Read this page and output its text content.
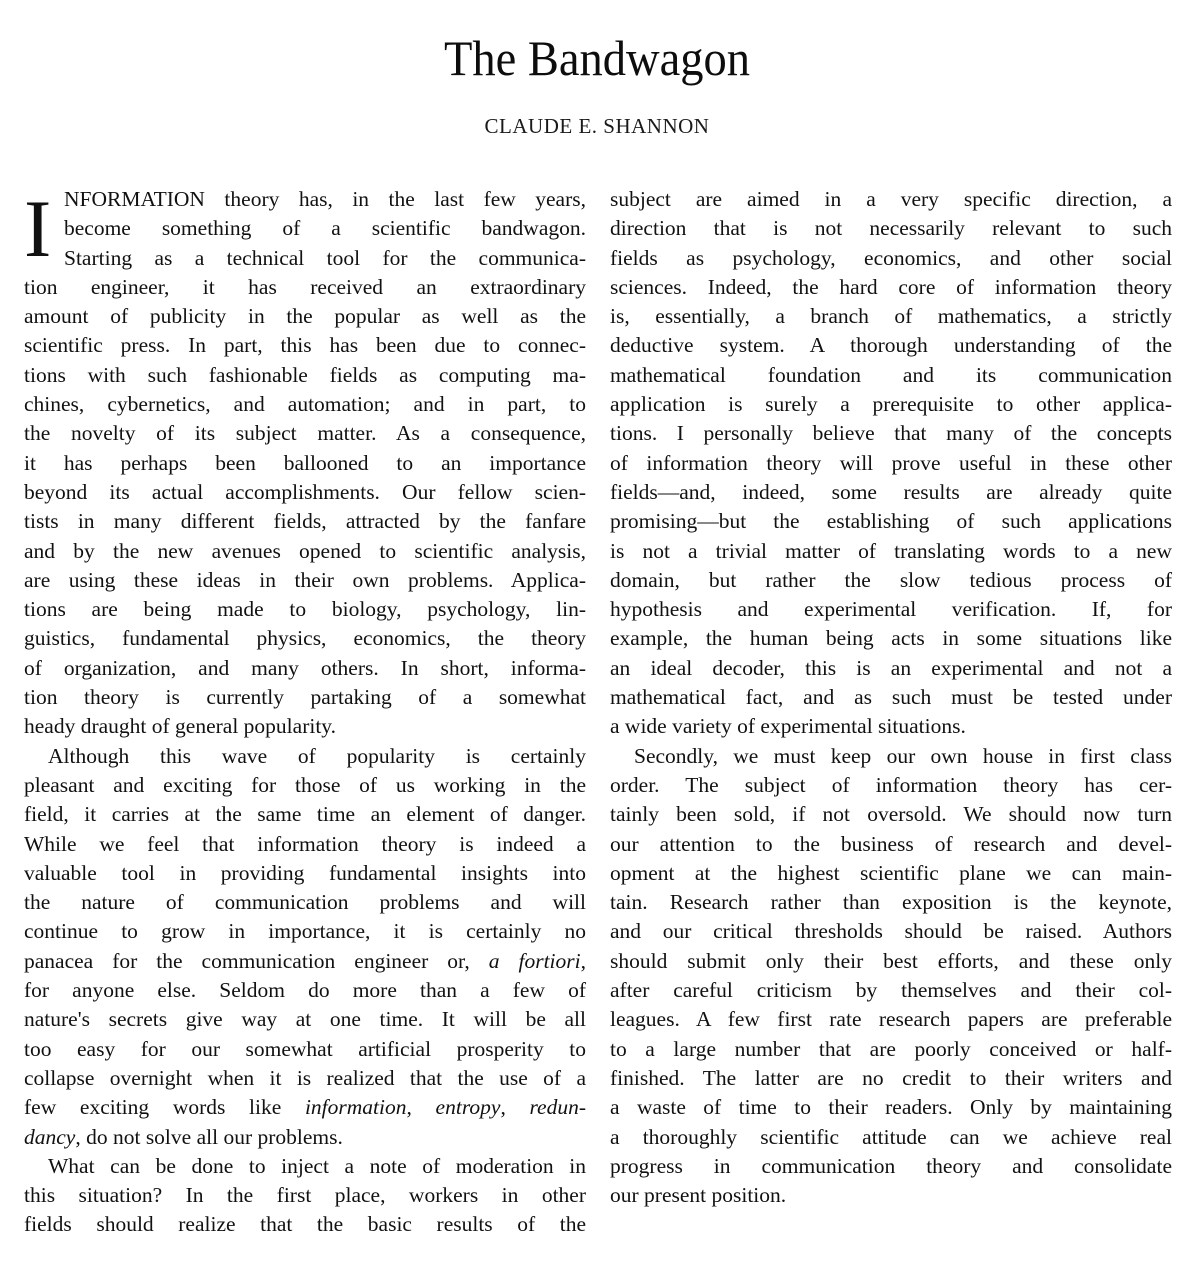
The Bandwagon
CLAUDE E. SHANNON
I NFORMATION theory has, in the last few years,
become something of a scientific bandwagon.
Starting as a technical tool for the communica-
tion engineer, it has received an extraordinary
amount of publicity in the popular as well as the
scientific press. In part, this has been due to connec-
tions with such fashionable fields as computing ma-
chines, cybernetics, and automation; and in part, to
the novelty of its subject matter. As a consequence,
it has perhaps been ballooned to an importance
beyond its actual accomplishments. Our fellow scien-
tists in many different fields, attracted by the fanfare
and by the new avenues opened to scientific analysis,
are using these ideas in their own problems. Applica-
tions are being made to biology, psychology, lin-
guistics, fundamental physics, economics, the theory
of organization, and many others. In short, informa-
tion theory is currently partaking of a somewhat
heady draught of general popularity.
Although this wave of popularity is certainly
pleasant and exciting for those of us working in the
field, it carries at the same time an element of danger.
While we feel that information theory is indeed a
valuable tool in providing fundamental insights into
the nature of communication problems and will
continue to grow in importance, it is certainly no
panacea for the communication engineer or, a fortiori,
for anyone else. Seldom do more than a few of
nature's secrets give way at one time. It will be all
too easy for our somewhat artificial prosperity to
collapse overnight when it is realized that the use of a
few exciting words like information, entropy, redun-
dancy, do not solve all our problems.
What can be done to inject a note of moderation in
this situation? In the first place, workers in other
fields should realize that the basic results of the
subject are aimed in a very specific direction, a
direction that is not necessarily relevant to such
fields as psychology, economics, and other social
sciences. Indeed, the hard core of information theory
is, essentially, a branch of mathematics, a strictly
deductive system. A thorough understanding of the
mathematical foundation and its communication
application is surely a prerequisite to other applica-
tions. I personally believe that many of the concepts
of information theory will prove useful in these other
fields—and, indeed, some results are already quite
promising—but the establishing of such applications
is not a trivial matter of translating words to a new
domain, but rather the slow tedious process of
hypothesis and experimental verification. If, for
example, the human being acts in some situations like
an ideal decoder, this is an experimental and not a
mathematical fact, and as such must be tested under
a wide variety of experimental situations.
Secondly, we must keep our own house in first class
order. The subject of information theory has cer-
tainly been sold, if not oversold. We should now turn
our attention to the business of research and devel-
opment at the highest scientific plane we can main-
tain. Research rather than exposition is the keynote,
and our critical thresholds should be raised. Authors
should submit only their best efforts, and these only
after careful criticism by themselves and their col-
leagues. A few first rate research papers are preferable
to a large number that are poorly conceived or half-
finished. The latter are no credit to their writers and
a waste of time to their readers. Only by maintaining
a thoroughly scientific attitude can we achieve real
progress in communication theory and consolidate
our present position.
